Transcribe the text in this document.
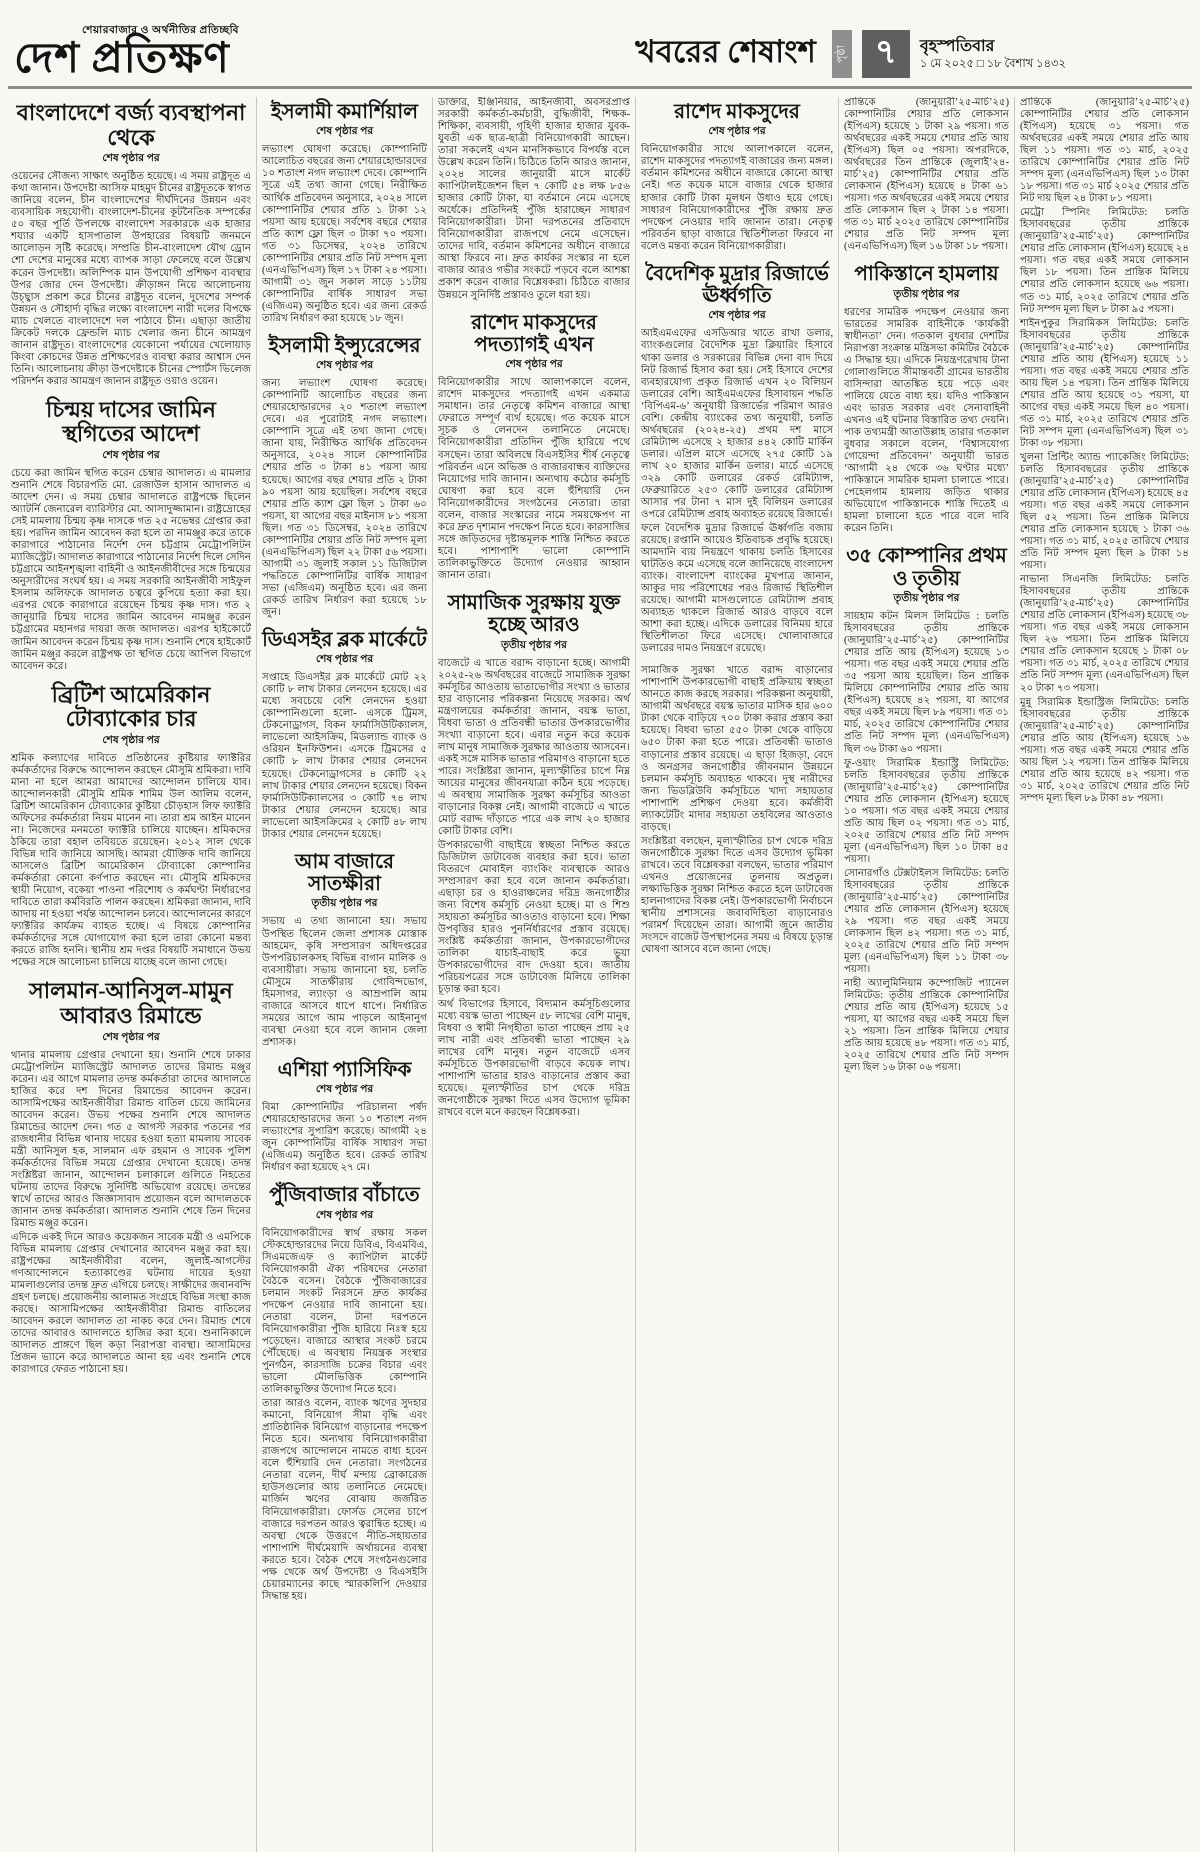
শেয়ারবাজার ও অর্থনীতির প্রতিচ্ছবি
দেশ প্রতিক্ষণ	খবরের শেষাংশ	পৃষ্ঠা ৭	বৃহস্পতিবার
১ মে ২০২৫ □ ১৮ বৈশাখ ১৪৩২
বাংলাদেশে বর্জ্য ব্যবস্থাপনা থেকে
শেষ পৃষ্ঠার পর

ওয়েনের সৌজন্য সাক্ষাৎ অনুষ্ঠিত হয়েছে। এ সময় রাষ্ট্রদূত এ কথা জানান। উপদেষ্টা আসিফ মাহমুদ চীনের রাষ্ট্রদূতকে স্বাগত জানিয়ে বলেন, চীন বাংলাদেশের দীর্ঘদিনের উন্নয়ন এবং ব্যবসায়িক সহযোগী। বাংলাদেশ-চীনের কূটনৈতিক সম্পর্কের ৫০ বছর পূর্তি উপলক্ষে বাংলাদেশ সরকারকে এক হাজার শয্যার একটি হাসপাতাল উপহারের বিষয়টি জনমনে আলোড়ন সৃষ্টি করেছে। সম্প্রতি চীন-বাংলাদেশ যৌথ ড্রোন শো দেশের মানুষের মধ্যে ব্যাপক সাড়া ফেলেছে বলে উল্লেখ করেন উপদেষ্টা। অলিম্পিক মান উপযোগী প্রশিক্ষণ ব্যবস্থার উপর জোর দেন উপদেষ্টা। ক্রীড়াঙ্গন নিয়ে আলোচনায় উচ্ছ্বাস প্রকাশ করে চীনের রাষ্ট্রদূত বলেন, দুদেশের সম্পর্ক উন্নয়ন ও সৌহার্দ্য বৃদ্ধির লক্ষ্যে বাংলাদেশ নারী দলের বিপক্ষে ম্যাচ খেলতে বাংলাদেশে দল পাঠাবে চীন। এছাড়া জাতীয় ক্রিকেট দলকে ফ্রেন্ডলি ম্যাচ খেলার জন্য চীনে আমন্ত্রণ জানান রাষ্ট্রদূত। বাংলাদেশের যেকোনো পর্যায়ের খেলোয়াড় কিংবা কোচদের উন্নত প্রশিক্ষণেরও ব্যবস্থা করার আশ্বাস দেন তিনি। আলোচনায় ক্রীড়া উপদেষ্টাকে চীনের স্পোর্টস ভিলেজ পরিদর্শন করার আমন্ত্রণ জানান রাষ্ট্রদূত ওয়াও ওয়েন।

চিন্ময় দাসের জামিন স্থগিতের আদেশ
শেষ পৃষ্ঠার পর

চেয়ে করা জামিন স্থগিত করেন চেম্বার আদালত। এ মামলার শুনানি শেষে বিচারপতি মো. রেজাউল হাসান আদালত এ আদেশ দেন। এ সময় চেম্বার আদালতে রাষ্ট্রপক্ষে ছিলেন অ্যাটর্নি জেনারেল ব্যারিস্টার মো. আসাদুজ্জামান। রাষ্ট্রদ্রোহের সেই মামলায় চিন্ময় কৃষ্ণ দাসকে গত ২৫ নভেম্বর গ্রেপ্তার করা হয়। পরদিন জামিন আবেদন করা হলে তা নামঞ্জুর করে তাকে কারাগারে পাঠানোর নির্দেশ দেন চট্টগ্রাম মেট্রোপলিটন ম্যাজিস্ট্রেট। আদালত কারাগারে পাঠানোর নির্দেশ দিলে সেদিন চট্টগ্রামে আইনশৃঙ্খলা বাহিনী ও আইনজীবীদের সঙ্গে চিন্ময়ের অনুসারীদের সংঘর্ষ হয়। এ সময় সরকারি আইনজীবী সাইফুল ইসলাম অলিফকে আদালত চত্বরে কুপিয়ে হত্যা করা হয়। এরপর থেকে কারাগারে রয়েছেন চিন্ময় কৃষ্ণ দাস। গত ২ জানুয়ারি চিন্ময় দাসের জামিন আবেদন নামঞ্জুর করেন চট্টগ্রামের মহানগর দায়রা জজ আদালত। এরপর হাইকোর্টে জামিন আবেদন করেন চিন্ময় কৃষ্ণ দাস। শুনানি শেষে হাইকোর্ট জামিন মঞ্জুর করলে রাষ্ট্রপক্ষ তা স্থগিত চেয়ে আপিল বিভাগে আবেদন করে।

ব্রিটিশ আমেরিকান টোব্যাকোর চার
শেষ পৃষ্ঠার পর

শ্রমিক কল্যাণের দাবিতে প্রতিষ্ঠানের কুষ্টিয়ার ফ্যাক্টরির কর্মকর্তাদের বিরুদ্ধে আন্দোলন করছেন মৌসুমি শ্রমিকরা। দাবি মানা না হলে আমরা আমাদের আন্দোলন চালিয়ে যাব। আন্দোলনকারী মৌসুমি শ্রমিক শামিম উল আলিম বলেন, ব্রিটিশ আমেরিকান টোব্যাকোর কুষ্টিয়া চৌড়হাস লিফ ফ্যাক্টরি অফিসের কর্মকর্তারা নিয়ম মানেন না। তারা শ্রম আইন মানেন না। নিজেদের মনমতো ফ্যাক্টরি চালিয়ে যাচ্ছেন। শ্রমিকদের ঠকিয়ে তারা বহাল তবিয়তে রয়েছেন। ২০১২ সাল থেকে বিভিন্ন দাবি জানিয়ে আসছি। আমরা যৌক্তিক দাবি জানিয়ে আসলেও ব্রিটিশ আমেরিকান টোব্যাকো কোম্পানির কর্মকর্তারা কোনো কর্ণপাত করছেন না। মৌসুমি শ্রমিকদের স্থায়ী নিয়োগ, বকেয়া পাওনা পরিশোধ ও কর্মঘণ্টা নির্ধারণের দাবিতে তারা কর্মবিরতি পালন করছেন। শ্রমিকরা জানান, দাবি আদায় না হওয়া পর্যন্ত আন্দোলন চলবে। আন্দোলনের কারণে ফ্যাক্টরির কার্যক্রম ব্যাহত হচ্ছে। এ বিষয়ে কোম্পানির কর্মকর্তাদের সঙ্গে যোগাযোগ করা হলে তারা কোনো মন্তব্য করতে রাজি হননি। স্থানীয় শ্রম দপ্তর বিষয়টি সমাধানে উভয় পক্ষের সঙ্গে আলোচনা চালিয়ে যাচ্ছে বলে জানা গেছে।

সালমান-আনিসুল-মামুন আবারও রিমান্ডে
শেষ পৃষ্ঠার পর

থানার মামলায় গ্রেপ্তার দেখানো হয়। শুনানি শেষে ঢাকার মেট্রোপলিটন ম্যাজিস্ট্রেট আদালত তাদের রিমান্ড মঞ্জুর করেন। এর আগে মামলার তদন্ত কর্মকর্তারা তাদের আদালতে হাজির করে দশ দিনের রিমান্ডের আবেদন করেন। আসামিপক্ষের আইনজীবীরা রিমান্ড বাতিল চেয়ে জামিনের আবেদন করেন। উভয় পক্ষের শুনানি শেষে আদালত রিমান্ডের আদেশ দেন। গত ৫ আগস্ট সরকার পতনের পর রাজধানীর বিভিন্ন থানায় দায়ের হওয়া হত্যা মামলায় সাবেক মন্ত্রী আনিসুল হক, সালমান এফ রহমান ও সাবেক পুলিশ কর্মকর্তাদের বিভিন্ন সময়ে গ্রেপ্তার দেখানো হয়েছে। তদন্ত সংশ্লিষ্টরা জানান, আন্দোলন চলাকালে গুলিতে নিহতের ঘটনায় তাদের বিরুদ্ধে সুনির্দিষ্ট অভিযোগ রয়েছে। তদন্তের স্বার্থে তাদের আরও জিজ্ঞাসাবাদ প্রয়োজন বলে আদালতকে জানান তদন্ত কর্মকর্তারা। আদালত শুনানি শেষে তিন দিনের রিমান্ড মঞ্জুর করেন।

এদিকে একই দিনে আরও কয়েকজন সাবেক মন্ত্রী ও এমপিকে বিভিন্ন মামলায় গ্রেপ্তার দেখানোর আবেদন মঞ্জুর করা হয়। রাষ্ট্রপক্ষের আইনজীবীরা বলেন, জুলাই-আগস্টের গণআন্দোলনে হত্যাকাণ্ডের ঘটনায় দায়ের হওয়া মামলাগুলোর তদন্ত দ্রুত এগিয়ে চলছে। সাক্ষীদের জবানবন্দি গ্রহণ চলছে। প্রয়োজনীয় আলামত সংগ্রহে বিভিন্ন সংস্থা কাজ করছে। আসামিপক্ষের আইনজীবীরা রিমান্ড বাতিলের আবেদন করলে আদালত তা নাকচ করে দেন। রিমান্ড শেষে তাদের আবারও আদালতে হাজির করা হবে। শুনানিকালে আদালত প্রাঙ্গণে ছিল কড়া নিরাপত্তা ব্যবস্থা। আসামিদের প্রিজন ভ্যানে করে আদালতে আনা হয় এবং শুনানি শেষে কারাগারে ফেরত পাঠানো হয়।

ইসলামী কমার্শিয়াল
শেষ পৃষ্ঠার পর

লভ্যাংশ ঘোষণা করেছে। কোম্পানিটি আলোচিত বছরের জন্য শেয়ারহোল্ডারদের ১০ শতাংশ নগদ লভ্যাংশ দেবে। কোম্পানি সূত্রে এই তথ্য জানা গেছে। নিরীক্ষিত আর্থিক প্রতিবেদন অনুসারে, ২০২৪ সালে কোম্পানিটির শেয়ার প্রতি ১ টাকা ১২ পয়সা আয় হয়েছে। সর্বশেষ বছরে শেয়ার প্রতি ক্যাশ ফ্লো ছিল ৩ টাকা ৭০ পয়সা। গত ৩১ ডিসেম্বর, ২০২৪ তারিখে কোম্পানিটির শেয়ার প্রতি নিট সম্পদ মূল্য (এনএভিপিএস) ছিল ১৭ টাকা ২৪ পয়সা। আগামী ৩১ জুন সকাল সাড়ে ১১টায় কোম্পানিটির বার্ষিক সাধারণ সভা (এজিএম) অনুষ্ঠিত হবে। এর জন্য রেকর্ড তারিখ নির্ধারণ করা হয়েছে ১৮ জুন।

ইসলামী ইন্স্যুরেন্সের
শেষ পৃষ্ঠার পর

জন্য লভ্যাংশ ঘোষণা করেছে। কোম্পানিটি আলোচিত বছরের জন্য শেয়ারহোল্ডারদের ২০ শতাংশ লভ্যাংশ দেবে। এর পুরোটাই নগদ লভ্যাংশ। কোম্পানি সূত্রে এই তথ্য জানা গেছে। জানা যায়, নিরীক্ষিত আর্থিক প্রতিবেদন অনুসারে, ২০২৪ সালে কোম্পানিটির শেয়ার প্রতি ৩ টাকা ৪১ পয়সা আয় হয়েছে। আগের বছর শেয়ার প্রতি ২ টাকা ৯০ পয়সা আয় হয়েছিল। সর্বশেষ বছরে শেয়ার প্রতি ক্যাশ ফ্লো ছিল ১ টাকা ৬০ পয়সা, যা আগের বছর মাইনাস ৮১ পয়সা ছিল। গত ৩১ ডিসেম্বর, ২০২৪ তারিখে কোম্পানিটির শেয়ার প্রতি নিট সম্পদ মূল্য (এনএভিপিএস) ছিল ২২ টাকা ৫৬ পয়সা। আগামী ৩১ জুলাই সকাল ১১ ডিজিটাল পদ্ধতিতে কোম্পানিটির বার্ষিক সাধারণ সভা (এজিএম) অনুষ্ঠিত হবে। এর জন্য রেকর্ড তারিখ নির্ধারণ করা হয়েছে ১৮ জুন।

ডিএসইর ব্লক মার্কেটে
শেষ পৃষ্ঠার পর

সপ্তাহে ডিএসইর ব্লক মার্কেটে মোট ২২ কোটি ৮ লাখ টাকার লেনদেন হয়েছে। এর মধ্যে সবচেয়ে বেশি লেনদেন হওয়া কোম্পানিগুলো হলো- এসকে ট্রিমস, টেকনোড্রাগস, বিকন ফার্মাসিউটিক্যালস, লাভেলো আইসক্রিম, মিডল্যান্ড ব্যাংক ও ওরিয়ন ইনফিউশন। এসকে ট্রিমসের ৫ কোটি ৮ লাখ টাকার শেয়ার লেনদেন হয়েছে। টেকনোড্রাগসের ৪ কোটি ২২ লাখ টাকার শেয়ার লেনদেন হয়েছে। বিকন ফার্মাসিউটিক্যালসের ৩ কোটি ৭৪ লাখ টাকার শেয়ার লেনদেন হয়েছে। আর লাভেলো আইসক্রিমের ২ কোটি ৪৮ লাখ টাকার শেয়ার লেনদেন হয়েছে।

আম বাজারে সাতক্ষীরা
তৃতীয় পৃষ্ঠার পর

সভায় এ তথ্য জানানো হয়। সভায় উপস্থিত ছিলেন জেলা প্রশাসক মোস্তাক আহমেদ, কৃষি সম্প্রসারণ অধিদপ্তরের উপপরিচালকসহ বিভিন্ন বাগান মালিক ও ব্যবসায়ীরা। সভায় জানানো হয়, চলতি মৌসুমে সাতক্ষীরায় গোবিন্দভোগ, হিমসাগর, ল্যাংড়া ও আম্রপালি আম বাজারে আসবে ধাপে ধাপে। নির্ধারিত সময়ের আগে আম পাড়লে আইনানুগ ব্যবস্থা নেওয়া হবে বলে জানান জেলা প্রশাসক।

এশিয়া প্যাসিফিক
শেষ পৃষ্ঠার পর

বিমা কোম্পানিটির পরিচালনা পর্ষদ শেয়ারহোল্ডারদের জন্য ১০ শতাংশ নগদ লভ্যাংশের সুপারিশ করেছে। আগামী ২৪ জুন কোম্পানিটির বার্ষিক সাধারণ সভা (এজিএম) অনুষ্ঠিত হবে। রেকর্ড তারিখ নির্ধারণ করা হয়েছে ২৭ মে।

পুঁজিবাজার বাঁচাতে
শেষ পৃষ্ঠার পর

বিনিয়োগকারীদের স্বার্থ রক্ষায় সকল স্টেকহোল্ডারদের নিয়ে ডিবিএ, বিএমবিএ, সিএমজেএফ ও ক্যাপিটাল মার্কেট বিনিয়োগকারী ঐক্য পরিষদের নেতারা বৈঠকে বসেন। বৈঠকে পুঁজিবাজারের চলমান সংকট নিরসনে দ্রুত কার্যকর পদক্ষেপ নেওয়ার দাবি জানানো হয়। নেতারা বলেন, টানা দরপতনে বিনিয়োগকারীরা পুঁজি হারিয়ে নিঃস্ব হয়ে পড়েছেন। বাজারে আস্থার সংকট চরমে পৌঁছেছে। এ অবস্থায় নিয়ন্ত্রক সংস্থার পুনর্গঠন, কারসাজি চক্রের বিচার এবং ভালো মৌলভিত্তিক কোম্পানি তালিকাভুক্তির উদ্যোগ নিতে হবে।

তারা আরও বলেন, ব্যাংক ঋণের সুদহার কমানো, বিনিয়োগ সীমা বৃদ্ধি এবং প্রাতিষ্ঠানিক বিনিয়োগ বাড়ানোর পদক্ষেপ নিতে হবে। অন্যথায় বিনিয়োগকারীরা রাজপথে আন্দোলনে নামতে বাধ্য হবেন বলে হুঁশিয়ারি দেন নেতারা। সংগঠনের নেতারা বলেন, দীর্ঘ মন্দায় ব্রোকারেজ হাউসগুলোর আয় তলানিতে নেমেছে। মার্জিন ঋণের বোঝায় জর্জরিত বিনিয়োগকারীরা। ফোর্সড সেলের চাপে বাজারে দরপতন আরও ত্বরান্বিত হচ্ছে। এ অবস্থা থেকে উত্তরণে নীতি-সহায়তার পাশাপাশি দীর্ঘমেয়াদি অর্থায়নের ব্যবস্থা করতে হবে। বৈঠক শেষে সংগঠনগুলোর পক্ষ থেকে অর্থ উপদেষ্টা ও বিএসইসি চেয়ারম্যানের কাছে স্মারকলিপি দেওয়ার সিদ্ধান্ত হয়।

ডাক্তার, ইঞ্জিনিয়ার, আইনজীবী, অবসরপ্রাপ্ত সরকারী কর্মকর্তা-কর্মচারী, বুদ্ধিজীবী, শিক্ষক-শিক্ষিকা, ব্যবসায়ী, গৃহিণী হাজার হাজার যুবক-যুবতী এক ছাত্র-ছাত্রী বিনিয়োগকারী আছেন। তারা সকলেই এখন মানসিকভাবে বিপর্যস্ত বলে উল্লেখ করেন তিনি। চিঠিতে তিনি আরও জানান, ২০২৪ সালের জানুয়ারী মাসে মার্কেট ক্যাপিটালইজেশন ছিল ৭ কোটি ৫৪ লক্ষ ৮৫৬ হাজার কোটি টাকা, যা বর্তমানে নেমে এসেছে অর্ধেকে। প্রতিদিনই পুঁজি হারাচ্ছেন সাধারণ বিনিয়োগকারীরা। টানা দরপতনের প্রতিবাদে বিনিয়োগকারীরা রাজপথে নেমে এসেছেন। তাদের দাবি, বর্তমান কমিশনের অধীনে বাজারে আস্থা ফিরবে না। দ্রুত কার্যকর সংস্কার না হলে বাজার আরও গভীর সংকটে পড়বে বলে আশঙ্কা প্রকাশ করেন বাজার বিশ্লেষকরা। চিঠিতে বাজার উন্নয়নে সুনির্দিষ্ট প্রস্তাবও তুলে ধরা হয়।

রাশেদ মাকসুদের পদত্যাগই এখন
শেষ পৃষ্ঠার পর

বিনিয়োগকারীর সাথে আলাপকালে বলেন, রাশেদ মাকসুদের পদত্যাগই এখন একমাত্র সমাধান। তার নেতৃত্বে কমিশন বাজারে আস্থা ফেরাতে সম্পূর্ণ ব্যর্থ হয়েছে। গত কয়েক মাসে সূচক ও লেনদেন তলানিতে নেমেছে। বিনিয়োগকারীরা প্রতিদিন পুঁজি হারিয়ে পথে বসছেন। তারা অবিলম্বে বিএসইসির শীর্ষ নেতৃত্বে পরিবর্তন এনে অভিজ্ঞ ও বাজারবান্ধব ব্যক্তিদের নিয়োগের দাবি জানান। অন্যথায় কঠোর কর্মসূচি ঘোষণা করা হবে বলে হুঁশিয়ারি দেন বিনিয়োগকারীদের সংগঠনের নেতারা। তারা বলেন, বাজার সংস্কারের নামে সময়ক্ষেপণ না করে দ্রুত দৃশ্যমান পদক্ষেপ নিতে হবে। কারসাজির সঙ্গে জড়িতদের দৃষ্টান্তমূলক শাস্তি নিশ্চিত করতে হবে। পাশাপাশি ভালো কোম্পানি তালিকাভুক্তিতে উদ্যোগ নেওয়ার আহ্বান জানান তারা।

সামাজিক সুরক্ষায় যুক্ত হচ্ছে আরও
তৃতীয় পৃষ্ঠার পর

বাজেটে এ খাতে বরাদ্দ বাড়ানো হচ্ছে। আগামী ২০২৫-২৬ অর্থবছরের বাজেটে সামাজিক সুরক্ষা কর্মসূচির আওতায় ভাতাভোগীর সংখ্যা ও ভাতার হার বাড়ানোর পরিকল্পনা নিয়েছে সরকার। অর্থ মন্ত্রণালয়ের কর্মকর্তারা জানান, বয়স্ক ভাতা, বিধবা ভাতা ও প্রতিবন্ধী ভাতার উপকারভোগীর সংখ্যা বাড়ানো হবে। এবার নতুন করে কয়েক লাখ মানুষ সামাজিক সুরক্ষার আওতায় আসবেন। একই সঙ্গে মাসিক ভাতার পরিমাণও বাড়ানো হতে পারে। সংশ্লিষ্টরা জানান, মূল্যস্ফীতির চাপে নিম্ন আয়ের মানুষের জীবনযাত্রা কঠিন হয়ে পড়েছে। এ অবস্থায় সামাজিক সুরক্ষা কর্মসূচির আওতা বাড়ানোর বিকল্প নেই। আগামী বাজেটে এ খাতে মোট বরাদ্দ দাঁড়াতে পারে এক লাখ ২০ হাজার কোটি টাকার বেশি।

উপকারভোগী বাছাইয়ে স্বচ্ছতা নিশ্চিত করতে ডিজিটাল ডাটাবেজ ব্যবহার করা হবে। ভাতা বিতরণে মোবাইল ব্যাংকিং ব্যবস্থাকে আরও সম্প্রসারণ করা হবে বলে জানান কর্মকর্তারা। এছাড়া চর ও হাওরাঞ্চলের দরিদ্র জনগোষ্ঠীর জন্য বিশেষ কর্মসূচি নেওয়া হচ্ছে। মা ও শিশু সহায়তা কর্মসূচির আওতাও বাড়ানো হবে। শিক্ষা উপবৃত্তির হারও পুনর্নির্ধারণের প্রস্তাব রয়েছে। সংশ্লিষ্ট কর্মকর্তারা জানান, উপকারভোগীদের তালিকা যাচাই-বাছাই করে ভুয়া উপকারভোগীদের বাদ দেওয়া হবে। জাতীয় পরিচয়পত্রের সঙ্গে ডাটাবেজ মিলিয়ে তালিকা চূড়ান্ত করা হবে।

অর্থ বিভাগের হিসাবে, বিদ্যমান কর্মসূচিগুলোর মধ্যে বয়স্ক ভাতা পাচ্ছেন ৫৮ লাখের বেশি মানুষ, বিধবা ও স্বামী নিগৃহীতা ভাতা পাচ্ছেন প্রায় ২৫ লাখ নারী এবং প্রতিবন্ধী ভাতা পাচ্ছেন ২৯ লাখের বেশি মানুষ। নতুন বাজেটে এসব কর্মসূচিতে উপকারভোগী বাড়বে কয়েক লাখ। পাশাপাশি ভাতার হারও বাড়ানোর প্রস্তাব করা হয়েছে। মূল্যস্ফীতির চাপ থেকে দরিদ্র জনগোষ্ঠীকে সুরক্ষা দিতে এসব উদ্যোগ ভূমিকা রাখবে বলে মনে করছেন বিশ্লেষকরা।

রাশেদ মাকসুদের
শেষ পৃষ্ঠার পর

বিনিয়োগকারীর সাথে আলাপকালে বলেন, রাশেদ মাকসুদের পদত্যাগই বাজারের জন্য মঙ্গল। বর্তমান কমিশনের অধীনে বাজারে কোনো আস্থা নেই। গত কয়েক মাসে বাজার থেকে হাজার হাজার কোটি টাকা মূলধন উধাও হয়ে গেছে। সাধারণ বিনিয়োগকারীদের পুঁজি রক্ষায় দ্রুত পদক্ষেপ নেওয়ার দাবি জানান তারা। নেতৃত্ব পরিবর্তন ছাড়া বাজারে স্থিতিশীলতা ফিরবে না বলেও মন্তব্য করেন বিনিয়োগকারীরা।

বৈদেশিক মুদ্রার রিজার্ভে ঊর্ধ্বগতি
শেষ পৃষ্ঠার পর

আইএমএফের এসডিআর খাতে রাখা ডলার, ব্যাংকগুলোর বৈদেশিক মুদ্রা ক্লিয়ারিং হিসাবে থাকা ডলার ও সরকারের বিভিন্ন দেনা বাদ দিয়ে নিট রিজার্ভ হিসাব করা হয়। সেই হিসাবে দেশের ব্যবহারযোগ্য প্রকৃত রিজার্ভ এখন ২০ বিলিয়ন ডলারের বেশি। আইএমএফের হিসাবায়ন পদ্ধতি ‘বিপিএম-৬’ অনুযায়ী রিজার্ভের পরিমাণ আরও বেশি। কেন্দ্রীয় ব্যাংকের তথ্য অনুযায়ী, চলতি অর্থবছরের (২০২৪-২৫) প্রথম দশ মাসে রেমিট্যান্স এসেছে ২ হাজার ৪৪২ কোটি মার্কিন ডলার। এপ্রিল মাসে এসেছে ২৭৫ কোটি ১৯ লাখ ২০ হাজার মার্কিন ডলার। মার্চে এসেছে ৩২৯ কোটি ডলারের রেকর্ড রেমিট্যান্স, ফেব্রুয়ারিতে ২৫৩ কোটি ডলারের রেমিট্যান্স আসার পর টানা ৭ মাস দুই বিলিয়ন ডলারের ওপরে রেমিট্যান্স প্রবাহ অব্যাহত রয়েছে রিজার্ভে।

ফলে বৈদেশিক মুদ্রার রিজার্ভে ঊর্ধ্বগতি বজায় রয়েছে। রপ্তানি আয়েও ইতিবাচক প্রবৃদ্ধি হয়েছে। আমদানি ব্যয় নিয়ন্ত্রণে থাকায় চলতি হিসাবের ঘাটতিও কমে এসেছে বলে জানিয়েছে বাংলাদেশ ব্যাংক। বাংলাদেশ ব্যাংকের মুখপাত্র জানান, আকুর দায় পরিশোধের পরও রিজার্ভ স্থিতিশীল রয়েছে। আগামী মাসগুলোতে রেমিট্যান্স প্রবাহ অব্যাহত থাকলে রিজার্ভ আরও বাড়বে বলে আশা করা হচ্ছে। এদিকে ডলারের বিনিময় হারে স্থিতিশীলতা ফিরে এসেছে। খোলাবাজারে ডলারের দামও নিয়ন্ত্রণে রয়েছে।

সামাজিক সুরক্ষা খাতে বরাদ্দ বাড়ানোর পাশাপাশি উপকারভোগী বাছাই প্রক্রিয়ায় স্বচ্ছতা আনতে কাজ করছে সরকার। পরিকল্পনা অনুযায়ী, আগামী অর্থবছরে বয়স্ক ভাতার মাসিক হার ৬০০ টাকা থেকে বাড়িয়ে ৭০০ টাকা করার প্রস্তাব করা হয়েছে। বিধবা ভাতা ৫৫০ টাকা থেকে বাড়িয়ে ৬৫০ টাকা করা হতে পারে। প্রতিবন্ধী ভাতাও বাড়ানোর প্রস্তাব রয়েছে। এ ছাড়া হিজড়া, বেদে ও অনগ্রসর জনগোষ্ঠীর জীবনমান উন্নয়নে চলমান কর্মসূচি অব্যাহত থাকবে। দুস্থ নারীদের জন্য ভিডব্লিউবি কর্মসূচিতে খাদ্য সহায়তার পাশাপাশি প্রশিক্ষণ দেওয়া হবে। কর্মজীবী ল্যাকটেটিং মাদার সহায়তা তহবিলের আওতাও বাড়ছে।

সংশ্লিষ্টরা বলছেন, মূল্যস্ফীতির চাপ থেকে দরিদ্র জনগোষ্ঠীকে সুরক্ষা দিতে এসব উদ্যোগ ভূমিকা রাখবে। তবে বিশ্লেষকরা বলছেন, ভাতার পরিমাণ এখনও প্রয়োজনের তুলনায় অপ্রতুল। লক্ষ্যভিত্তিক সুরক্ষা নিশ্চিত করতে হলে ডাটাবেজ হালনাগাদের বিকল্প নেই। উপকারভোগী নির্বাচনে স্থানীয় প্রশাসনের জবাবদিহিতা বাড়ানোরও পরামর্শ দিয়েছেন তারা। আগামী জুনে জাতীয় সংসদে বাজেট উপস্থাপনের সময় এ বিষয়ে চূড়ান্ত ঘোষণা আসবে বলে জানা গেছে।

প্রান্তিকে (জানুয়ারী’২৫-মার্চ’২৫) কোম্পানিটির শেয়ার প্রতি লোকসান (ইপিএস) হয়েছে ১ টাকা ২৯ পয়সা। গত অর্থবছরের একই সময়ে শেয়ার প্রতি আয় (ইপিএস) ছিল ০৫ পয়সা। অপরদিকে, অর্থবছরের তিন প্রান্তিকে (জুলাই’২৪-মার্চ’২৫) কোম্পানিটির শেয়ার প্রতি লোকসান (ইপিএস) হয়েছে ৪ টাকা ৬১ পয়সা। গত অর্থবছরের একই সময়ে শেয়ার প্রতি লোকসান ছিল ২ টাকা ১৪ পয়সা। গত ৩১ মার্চ ২০২৫ তারিখে কোম্পানিটির শেয়ার প্রতি নিট সম্পদ মূল্য (এনএভিপিএস) ছিল ১৬ টাকা ১৮ পয়সা।

পাকিস্তানে হামলায়
তৃতীয় পৃষ্ঠার পর

ধরণের সামরিক পদক্ষেপ নেওয়ার জন্য ভারতের সামরিক বাহিনীকে ‘কার্যকরী স্বাধীনতা’ দেন। গতকাল বুধবার দেশটির নিরাপত্তা সংক্রান্ত মন্ত্রিসভা কমিটির বৈঠকে এ সিদ্ধান্ত হয়। এদিকে নিয়ন্ত্রণরেখায় টানা গোলাগুলিতে সীমান্তবর্তী গ্রামের ভারতীয় বাসিন্দারা আতঙ্কিত হয়ে পড়ে এবং পালিয়ে যেতে বাধ্য হয়। যদিও পাকিস্তান এবং ভারত সরকার এবং সেনাবাহিনী এখনও এই ঘটনার বিস্তারিত তথ্য দেয়নি। পাক তথ্যমন্ত্রী আতাউল্লাহ তারার গতকাল বুধবার সকালে বলেন, ‘বিশ্বাসযোগ্য গোয়েন্দা প্রতিবেদন’ অনুযায়ী ভারত ‘আগামী ২৪ থেকে ৩৬ ঘণ্টার মধ্যে’ পাকিস্তানে সামরিক হামলা চালাতে পারে। পেহেলগাম হামলায় জড়িত থাকার অভিযোগে পাকিস্তানকে শাস্তি দিতেই এ হামলা চালানো হতে পারে বলে দাবি করেন তিনি।

৩৫ কোম্পানির প্রথম ও তৃতীয়
তৃতীয় পৃষ্ঠার পর

সায়হাম কটন মিলস লিমিটেড : চলতি হিসাববছরের তৃতীয় প্রান্তিকে (জানুয়ারি’২৫-মার্চ’২৫) কোম্পানিটির শেয়ার প্রতি আয় (ইপিএস) হয়েছে ১৩ পয়সা। গত বছর একই সময়ে শেয়ার প্রতি ৩৫ পয়সা আয় হয়েছিল। তিন প্রান্তিক মিলিয়ে কোম্পানিটির শেয়ার প্রতি আয় (ইপিএস) হয়েছে ৪২ পয়সা, যা আগের বছর একই সময়ে ছিল ৮৯ পয়সা। গত ৩১ মার্চ, ২০২৫ তারিখে কোম্পানিটির শেয়ার প্রতি নিট সম্পদ মূল্য (এনএভিপিএস) ছিল ৩৬ টাকা ৬০ পয়সা।

ফু-ওয়াং সিরামিক ইন্ডাস্ট্রি লিমিটেড: চলতি হিসাববছরের তৃতীয় প্রান্তিকে (জানুয়ারি’২৫-মার্চ’২৫) কোম্পানিটির শেয়ার প্রতি লোকসান (ইপিএস) হয়েছে ১০ পয়সা। গত বছর একই সময়ে শেয়ার প্রতি আয় ছিল ০২ পয়সা। গত ৩১ মার্চ, ২০২৫ তারিখে শেয়ার প্রতি নিট সম্পদ মূল্য (এনএভিপিএস) ছিল ১০ টাকা ৪৫ পয়সা।

সোনারগাঁও টেক্সটাইলস লিমিটেড: চলতি হিসাববছরের তৃতীয় প্রান্তিকে (জানুয়ারি’২৫-মার্চ’২৫) কোম্পানিটির শেয়ার প্রতি লোকসান (ইপিএস) হয়েছে ২৯ পয়সা। গত বছর একই সময়ে লোকসান ছিল ৪২ পয়সা। গত ৩১ মার্চ, ২০২৫ তারিখে শেয়ার প্রতি নিট সম্পদ মূল্য (এনএভিপিএস) ছিল ১১ টাকা ৩৮ পয়সা।

নাহী অ্যালুমিনিয়াম কম্পোজিট প্যানেল লিমিটেড: তৃতীয় প্রান্তিকে কোম্পানিটির শেয়ার প্রতি আয় (ইপিএস) হয়েছে ১৫ পয়সা, যা আগের বছর একই সময়ে ছিল ২১ পয়সা। তিন প্রান্তিক মিলিয়ে শেয়ার প্রতি আয় হয়েছে ৪৮ পয়সা। গত ৩১ মার্চ, ২০২৫ তারিখে শেয়ার প্রতি নিট সম্পদ মূল্য ছিল ১৬ টাকা ০৬ পয়সা।

প্রান্তিকে (জানুয়ারি’২৫-মার্চ’২৫) কোম্পানিটির শেয়ার প্রতি লোকসান (ইপিএস) হয়েছে ৩১ পয়সা। গত অর্থবছরের একই সময়ে শেয়ার প্রতি আয় ছিল ১১ পয়সা। গত ৩১ মার্চ, ২০২৫ তারিখে কোম্পানিটির শেয়ার প্রতি নিট সম্পদ মূল্য (এনএভিপিএস) ছিল ১৩ টাকা ১৮ পয়সা। গত ৩১ মার্চ ২০২৫ শেয়ার প্রতি নিট দায় ছিল ২৪ টাকা ৮১ পয়সা।

মেট্রো স্পিনিং লিমিটেড: চলতি হিসাববছরের তৃতীয় প্রান্তিকে (জানুয়ারি’২৫-মার্চ’২৫) কোম্পানিটির শেয়ার প্রতি লোকসান (ইপিএস) হয়েছে ২৪ পয়সা। গত বছর একই সময়ে লোকসান ছিল ১৮ পয়সা। তিন প্রান্তিক মিলিয়ে শেয়ার প্রতি লোকসান হয়েছে ৬৬ পয়সা। গত ৩১ মার্চ, ২০২৫ তারিখে শেয়ার প্রতি নিট সম্পদ মূল্য ছিল ৮ টাকা ৯৫ পয়সা।

শাইনপুকুর সিরামিকস লিমিটেড: চলতি হিসাববছরের তৃতীয় প্রান্তিকে (জানুয়ারি’২৫-মার্চ’২৫) কোম্পানিটির শেয়ার প্রতি আয় (ইপিএস) হয়েছে ১১ পয়সা। গত বছর একই সময়ে শেয়ার প্রতি আয় ছিল ১৪ পয়সা। তিন প্রান্তিক মিলিয়ে শেয়ার প্রতি আয় হয়েছে ৩১ পয়সা, যা আগের বছর একই সময়ে ছিল ৪০ পয়সা। গত ৩১ মার্চ, ২০২৫ তারিখে শেয়ার প্রতি নিট সম্পদ মূল্য (এনএভিপিএস) ছিল ৩১ টাকা ৩৮ পয়সা।

খুলনা প্রিন্টিং অ্যান্ড প্যাকেজিং লিমিটেড: চলতি হিসাববছরের তৃতীয় প্রান্তিকে (জানুয়ারি’২৫-মার্চ’২৫) কোম্পানিটির শেয়ার প্রতি লোকসান (ইপিএস) হয়েছে ৪৫ পয়সা। গত বছর একই সময়ে লোকসান ছিল ৫২ পয়সা। তিন প্রান্তিক মিলিয়ে শেয়ার প্রতি লোকসান হয়েছে ১ টাকা ৩৬ পয়সা। গত ৩১ মার্চ, ২০২৫ তারিখে শেয়ার প্রতি নিট সম্পদ মূল্য ছিল ৯ টাকা ১৪ পয়সা।

নাভানা সিএনজি লিমিটেড: চলতি হিসাববছরের তৃতীয় প্রান্তিকে (জানুয়ারি’২৫-মার্চ’২৫) কোম্পানিটির শেয়ার প্রতি লোকসান (ইপিএস) হয়েছে ৩৮ পয়সা। গত বছর একই সময়ে লোকসান ছিল ২৬ পয়সা। তিন প্রান্তিক মিলিয়ে শেয়ার প্রতি লোকসান হয়েছে ১ টাকা ০৮ পয়সা। গত ৩১ মার্চ, ২০২৫ তারিখে শেয়ার প্রতি নিট সম্পদ মূল্য (এনএভিপিএস) ছিল ২০ টাকা ৭৩ পয়সা।

মুন্নু সিরামিক ইন্ডাস্ট্রিজ লিমিটেড: চলতি হিসাববছরের তৃতীয় প্রান্তিকে (জানুয়ারি’২৫-মার্চ’২৫) কোম্পানিটির শেয়ার প্রতি আয় (ইপিএস) হয়েছে ১৬ পয়সা। গত বছর একই সময়ে শেয়ার প্রতি আয় ছিল ১২ পয়সা। তিন প্রান্তিক মিলিয়ে শেয়ার প্রতি আয় হয়েছে ৪২ পয়সা। গত ৩১ মার্চ, ২০২৫ তারিখে শেয়ার প্রতি নিট সম্পদ মূল্য ছিল ৮৯ টাকা ৪৮ পয়সা।
